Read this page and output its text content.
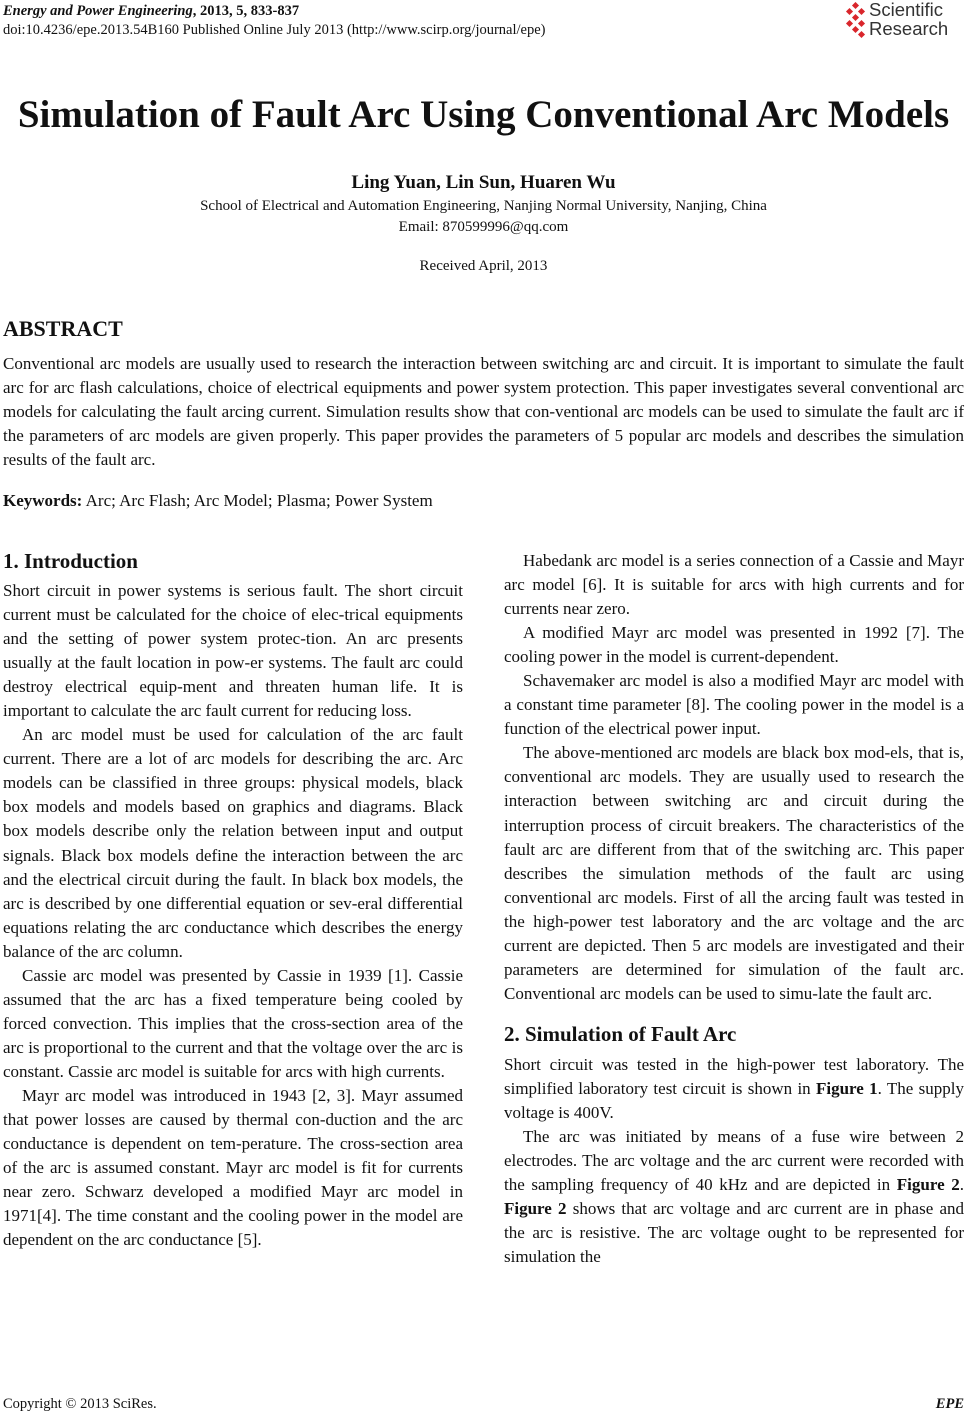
Energy and Power Engineering, 2013, 5, 833-837
doi:10.4236/epe.2013.54B160 Published Online July 2013 (http://www.scirp.org/journal/epe)
Scientific
Research
Simulation of Fault Arc Using Conventional Arc Models
Ling Yuan, Lin Sun, Huaren Wu
School of Electrical and Automation Engineering, Nanjing Normal University, Nanjing, China
Email: 870599996@qq.com
Received April, 2013
ABSTRACT
Conventional arc models are usually used to research the interaction between switching arc and circuit. It is important to simulate the fault arc for arc flash calculations, choice of electrical equipments and power system protection. This paper investigates several conventional arc models for calculating the fault arcing current. Simulation results show that con-ventional arc models can be used to simulate the fault arc if the parameters of arc models are given properly. This paper provides the parameters of 5 popular arc models and describes the simulation results of the fault arc.
Keywords: Arc; Arc Flash; Arc Model; Plasma; Power System
1. Introduction

Short circuit in power systems is serious fault. The short circuit current must be calculated for the choice of elec-trical equipments and the setting of power system protec-tion. An arc presents usually at the fault location in pow-er systems. The fault arc could destroy electrical equip-ment and threaten human life. It is important to calculate the arc fault current for reducing loss.

An arc model must be used for calculation of the arc fault current. There are a lot of arc models for describing the arc. Arc models can be classified in three groups: physical models, black box models and models based on graphics and diagrams. Black box models describe only the relation between input and output signals. Black box models define the interaction between the arc and the electrical circuit during the fault. In black box models, the arc is described by one differential equation or sev-eral differential equations relating the arc conductance which describes the energy balance of the arc column.

Cassie arc model was presented by Cassie in 1939 [1]. Cassie assumed that the arc has a fixed temperature being cooled by forced convection. This implies that the cross-section area of the arc is proportional to the current and that the voltage over the arc is constant. Cassie arc model is suitable for arcs with high currents.

Mayr arc model was introduced in 1943 [2, 3]. Mayr assumed that power losses are caused by thermal con-duction and the arc conductance is dependent on tem-perature. The cross-section area of the arc is assumed constant. Mayr arc model is fit for currents near zero. Schwarz developed a modified Mayr arc model in 1971[4]. The time constant and the cooling power in the model are dependent on the arc conductance [5].

Habedank arc model is a series connection of a Cassie and Mayr arc model [6]. It is suitable for arcs with high currents and for currents near zero.

A modified Mayr arc model was presented in 1992 [7]. The cooling power in the model is current-dependent.

Schavemaker arc model is also a modified Mayr arc model with a constant time parameter [8]. The cooling power in the model is a function of the electrical power input.

The above-mentioned arc models are black box mod-els, that is, conventional arc models. They are usually used to research the interaction between switching arc and circuit during the interruption process of circuit breakers. The characteristics of the fault arc are different from that of the switching arc. This paper describes the simulation methods of the fault arc using conventional arc models. First of all the arcing fault was tested in the high-power test laboratory and the arc voltage and the arc current are depicted. Then 5 arc models are investigated and their parameters are determined for simulation of the fault arc. Conventional arc models can be used to simu-late the fault arc.

2. Simulation of Fault Arc

Short circuit was tested in the high-power test laboratory. The simplified laboratory test circuit is shown in Figure 1. The supply voltage is 400V.

The arc was initiated by means of a fuse wire between 2 electrodes. The arc voltage and the arc current were recorded with the sampling frequency of 40 kHz and are depicted in Figure 2. Figure 2 shows that arc voltage and arc current are in phase and the arc is resistive. The arc voltage ought to be represented for simulation the

Copyright © 2013 SciRes.	EPE
